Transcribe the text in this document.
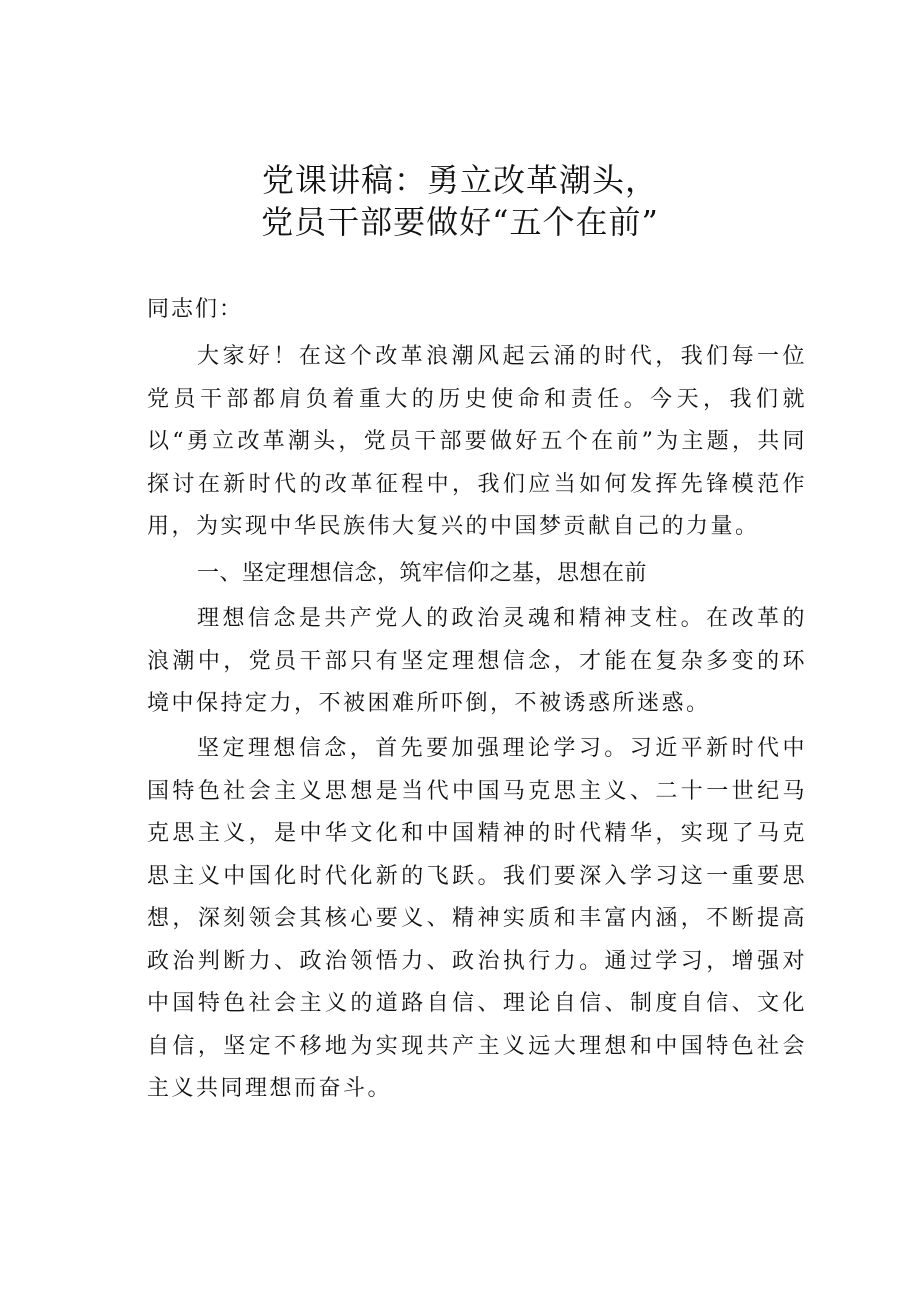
党课讲稿：勇立改革潮头，
党员干部要做好“五个在前”
同志们：

大家好！在这个改革浪潮风起云涌的时代，我们每一位党员干部都肩负着重大的历史使命和责任。今天，我们就以“勇立改革潮头，党员干部要做好五个在前”为主题，共同探讨在新时代的改革征程中，我们应当如何发挥先锋模范作用，为实现中华民族伟大复兴的中国梦贡献自己的力量。

一、坚定理想信念，筑牢信仰之基，思想在前

理想信念是共产党人的政治灵魂和精神支柱。在改革的浪潮中，党员干部只有坚定理想信念，才能在复杂多变的环境中保持定力，不被困难所吓倒，不被诱惑所迷惑。

坚定理想信念，首先要加强理论学习。习近平新时代中国特色社会主义思想是当代中国马克思主义、二十一世纪马克思主义，是中华文化和中国精神的时代精华，实现了马克思主义中国化时代化新的飞跃。我们要深入学习这一重要思想，深刻领会其核心要义、精神实质和丰富内涵，不断提高政治判断力、政治领悟力、政治执行力。通过学习，增强对中国特色社会主义的道路自信、理论自信、制度自信、文化自信，坚定不移地为实现共产主义远大理想和中国特色社会主义共同理想而奋斗。
